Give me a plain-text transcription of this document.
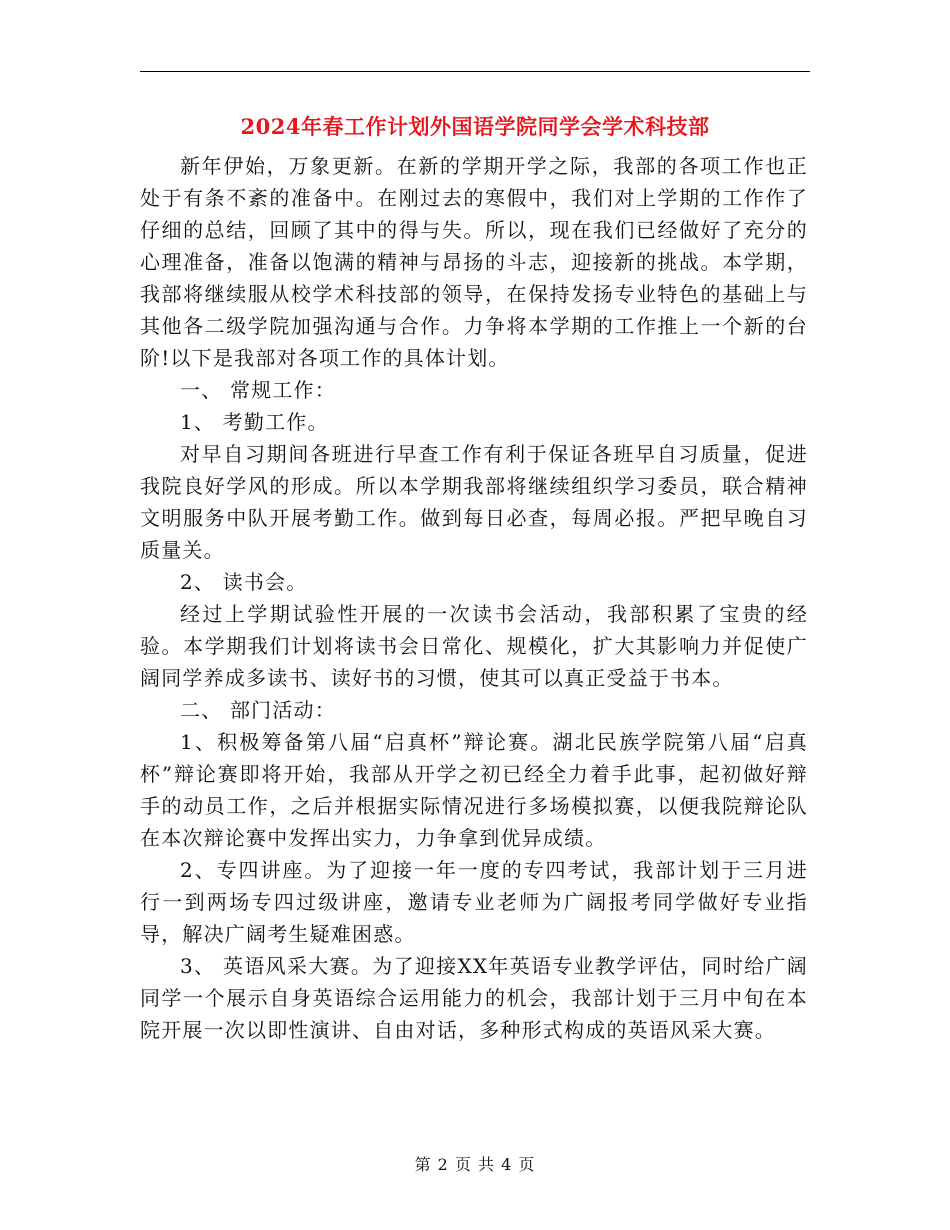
2024年春工作计划外国语学院同学会学术科技部

新年伊始，万象更新。在新的学期开学之际，我部的各项工作也正处于有条不紊的准备中。在刚过去的寒假中，我们对上学期的工作作了仔细的总结，回顾了其中的得与失。所以，现在我们已经做好了充分的心理准备，准备以饱满的精神与昂扬的斗志，迎接新的挑战。本学期，我部将继续服从校学术科技部的领导，在保持发扬专业特色的基础上与其他各二级学院加强沟通与合作。力争将本学期的工作推上一个新的台阶!以下是我部对各项工作的具体计划。

一、 常规工作：

1、 考勤工作。

对早自习期间各班进行早查工作有利于保证各班早自习质量，促进我院良好学风的形成。所以本学期我部将继续组织学习委员，联合精神文明服务中队开展考勤工作。做到每日必查，每周必报。严把早晚自习质量关。

2、 读书会。

经过上学期试验性开展的一次读书会活动，我部积累了宝贵的经验。本学期我们计划将读书会日常化、规模化，扩大其影响力并促使广阔同学养成多读书、读好书的习惯，使其可以真正受益于书本。

二、 部门活动：

1、积极筹备第八届“启真杯”辩论赛。湖北民族学院第八届“启真杯”辩论赛即将开始，我部从开学之初已经全力着手此事，起初做好辩手的动员工作，之后并根据实际情况进行多场模拟赛，以便我院辩论队在本次辩论赛中发挥出实力，力争拿到优异成绩。

2、专四讲座。为了迎接一年一度的专四考试，我部计划于三月进行一到两场专四过级讲座，邀请专业老师为广阔报考同学做好专业指导，解决广阔考生疑难困惑。

3、 英语风采大赛。为了迎接XX年英语专业教学评估，同时给广阔同学一个展示自身英语综合运用能力的机会，我部计划于三月中旬在本院开展一次以即性演讲、自由对话，多种形式构成的英语风采大赛。

第 2 页 共 4 页
